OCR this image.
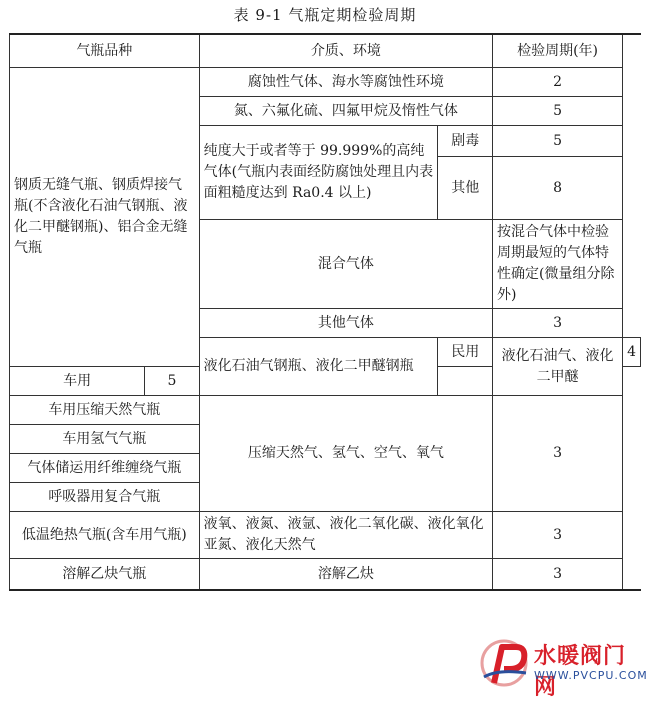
表 9-1 气瓶定期检验周期
气瓶品种		介质、环境		检验周期(年)	
钢质无缝气瓶、钢质焊接气瓶(不含液化石油气钢瓶、液化二甲醚钢瓶)、铝合金无缝气瓶		腐蚀性气体、海水等腐蚀性环境		2	
		氮、六氟化硫、四氟甲烷及惰性气体		5	
		纯度大于或者等于 99.999%的高纯气体(气瓶内表面经防腐蚀处理且内表面粗糙度达到 Ra0.4 以上)	剧毒	5	
			其他	8	
		混合气体		按混合气体中检验周期最短的气体特性确定(微量组分除外)	
		其他气体		3	
		液化石油气钢瓶、液化二甲醚钢瓶	民用	液化石油气、液化二甲醚	4
车用	5				
车用压缩天然气瓶		压缩天然气、氢气、空气、氧气		3	
车用氢气气瓶					
气体储运用纤维缠绕气瓶					
呼吸器用复合气瓶					
低温绝热气瓶(含车用气瓶)		液氧、液氮、液氩、液化二氧化碳、液化氧化亚氮、液化天然气		3	
溶解乙炔气瓶		溶解乙炔		3	
水暖阀门网
WWW.PVCPU.COM
